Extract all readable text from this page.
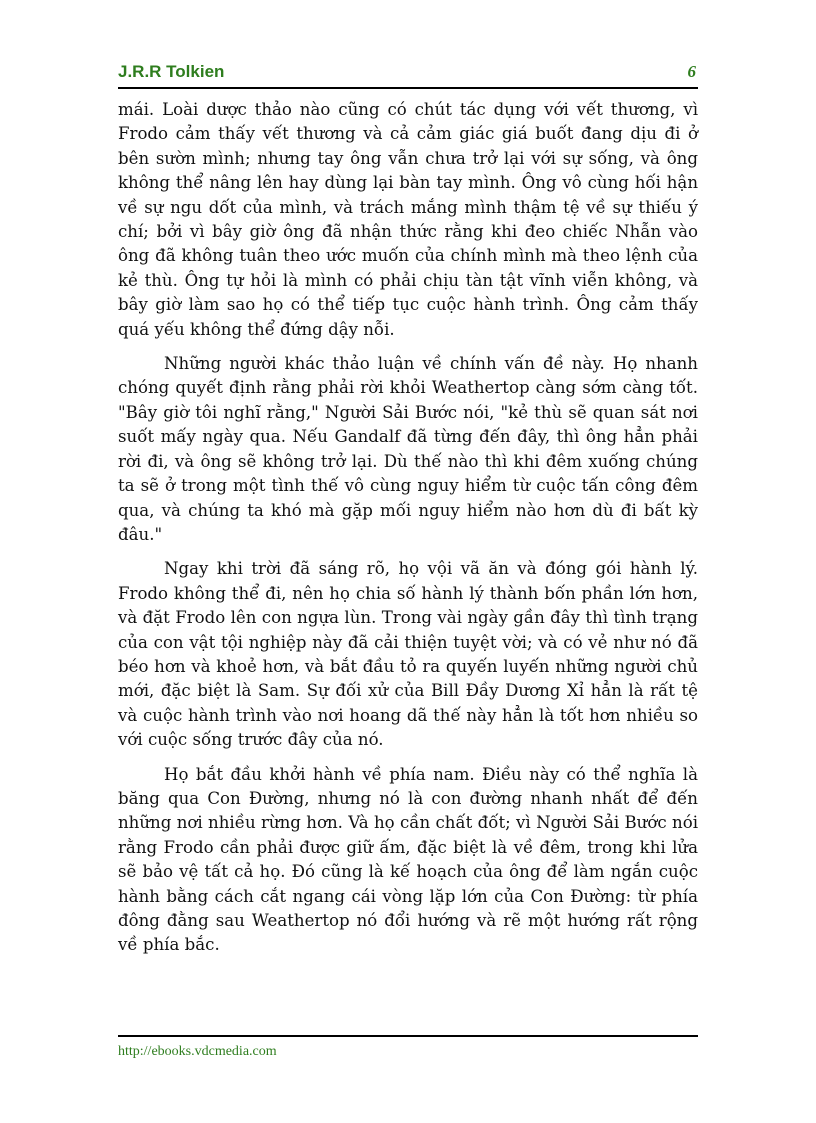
J.R.R Tolkien	6

mái. Loài dược thảo nào cũng có chút tác dụng với vết thương, vì Frodo cảm thấy vết thương và cả cảm giác giá buốt đang dịu đi ở bên sườn mình; nhưng tay ông vẫn chưa trở lại với sự sống, và ông không thể nâng lên hay dùng lại bàn tay mình. Ông vô cùng hối hận về sự ngu dốt của mình, và trách mắng mình thậm tệ về sự thiếu ý chí; bởi vì bây giờ ông đã nhận thức rằng khi đeo chiếc Nhẫn vào ông đã không tuân theo ước muốn của chính mình mà theo lệnh của kẻ thù. Ông tự hỏi là mình có phải chịu tàn tật vĩnh viễn không, và bây giờ làm sao họ có thể tiếp tục cuộc hành trình. Ông cảm thấy quá yếu không thể đứng dậy nỗi.

Những người khác thảo luận về chính vấn đề này. Họ nhanh chóng quyết định rằng phải rời khỏi Weathertop càng sớm càng tốt. "Bây giờ tôi nghĩ rằng," Người Sải Bước nói, "kẻ thù sẽ quan sát nơi suốt mấy ngày qua. Nếu Gandalf đã từng đến đây, thì ông hẳn phải rời đi, và ông sẽ không trở lại. Dù thế nào thì khi đêm xuống chúng ta sẽ ở trong một tình thế vô cùng nguy hiểm từ cuộc tấn công đêm qua, và chúng ta khó mà gặp mối nguy hiểm nào hơn dù đi bất kỳ đâu."

Ngay khi trời đã sáng rõ, họ vội vã ăn và đóng gói hành lý. Frodo không thể đi, nên họ chia số hành lý thành bốn phần lớn hơn, và đặt Frodo lên con ngựa lùn. Trong vài ngày gần đây thì tình trạng của con vật tội nghiệp này đã cải thiện tuyệt vời; và có vẻ như nó đã béo hơn và khoẻ hơn, và bắt đầu tỏ ra quyến luyến những người chủ mới, đặc biệt là Sam. Sự đối xử của Bill Đầy Dương Xỉ hẳn là rất tệ và cuộc hành trình vào nơi hoang dã thế này hẳn là tốt hơn nhiều so với cuộc sống trước đây của nó.

Họ bắt đầu khởi hành về phía nam. Điều này có thể nghĩa là băng qua Con Đường, nhưng nó là con đường nhanh nhất để đến những nơi nhiều rừng hơn. Và họ cần chất đốt; vì Người Sải Bước nói rằng Frodo cần phải được giữ ấm, đặc biệt là về đêm, trong khi lửa sẽ bảo vệ tất cả họ. Đó cũng là kế hoạch của ông để làm ngắn cuộc hành bằng cách cắt ngang cái vòng lặp lớn của Con Đường: từ phía đông đằng sau Weathertop nó đổi hướng và rẽ một hướng rất rộng về phía bắc.

http://ebooks.vdcmedia.com
